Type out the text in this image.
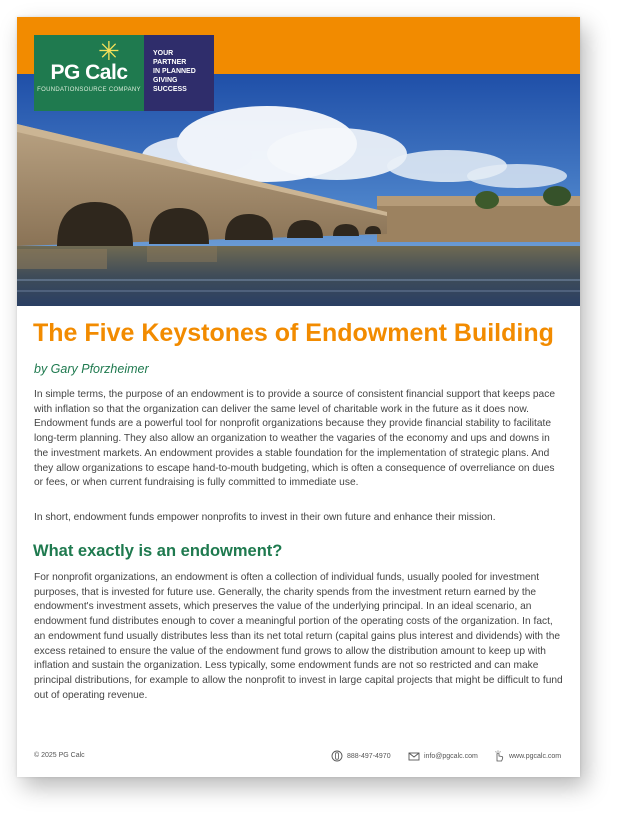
✳
PG Calc
FOUNDATIONSOURCE COMPANY
YOUR
PARTNER
IN PLANNED
GIVING
SUCCESS
The Five Keystones of Endowment Building
by Gary Pforzheimer

In simple terms, the purpose of an endowment is to provide a source of consistent financial support that keeps pace with inflation so that the organization can deliver the same level of charitable work in the future as it does now. Endowment funds are a powerful tool for nonprofit organizations because they provide financial stability to facilitate long-term planning. They also allow an organization to weather the vagaries of the economy and ups and downs in the investment markets. An endowment provides a stable foundation for the implementation of strategic plans. And they allow organizations to escape hand-to-mouth budgeting, which is often a consequence of overreliance on dues or fees, or when current fundraising is fully committed to immediate use.

In short, endowment funds empower nonprofits to invest in their own future and enhance their mission.

What exactly is an endowment?

For nonprofit organizations, an endowment is often a collection of individual funds, usually pooled for investment purposes, that is invested for future use. Generally, the charity spends from the investment return earned by the endowment's investment assets, which preserves the value of the underlying principal. In an ideal scenario, an endowment fund distributes enough to cover a meaningful portion of the operating costs of the organization. In fact, an endowment fund usually distributes less than its net total return (capital gains plus interest and dividends) with the excess retained to ensure the value of the endowment fund grows to allow the distribution amount to keep up with inflation and sustain the organization. Less typically, some endowment funds are not so restricted and can make principal distributions, for example to allow the nonprofit to invest in large capital projects that might be difficult to fund out of operating revenue.

© 2025 PG Calc	888-497-4970	info@pgcalc.com	www.pgcalc.com
